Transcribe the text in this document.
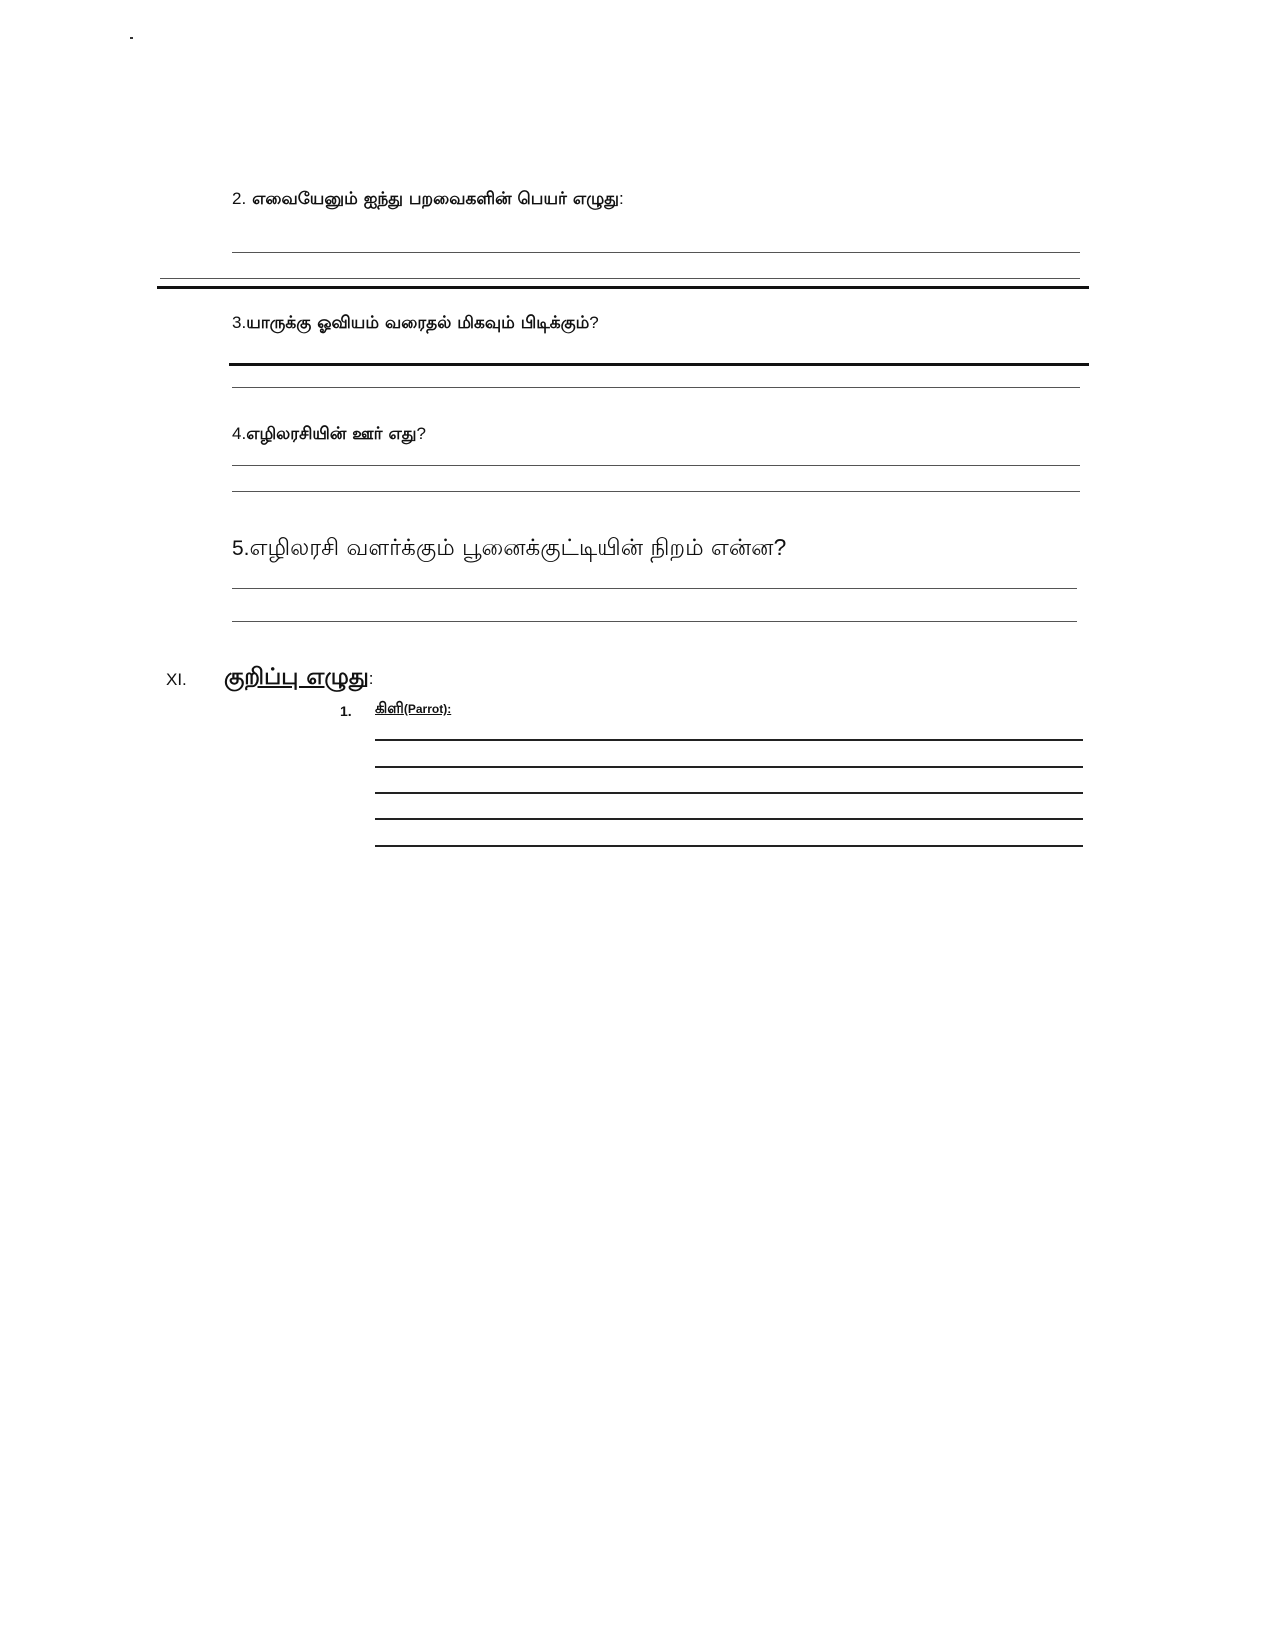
2. எவையேனும் ஐந்து பறவைகளின் பெயர் எழுது:
3.யாருக்கு ஓவியம் வரைதல் மிகவும் பிடிக்கும்?
4.எழிலரசியின் ஊர் எது?
5.எழிலரசி வளர்க்கும் பூனைக்குட்டியின் நிறம் என்ன?
XI. குறிப்பு எழுது:
1. கிளி(Parrot):
